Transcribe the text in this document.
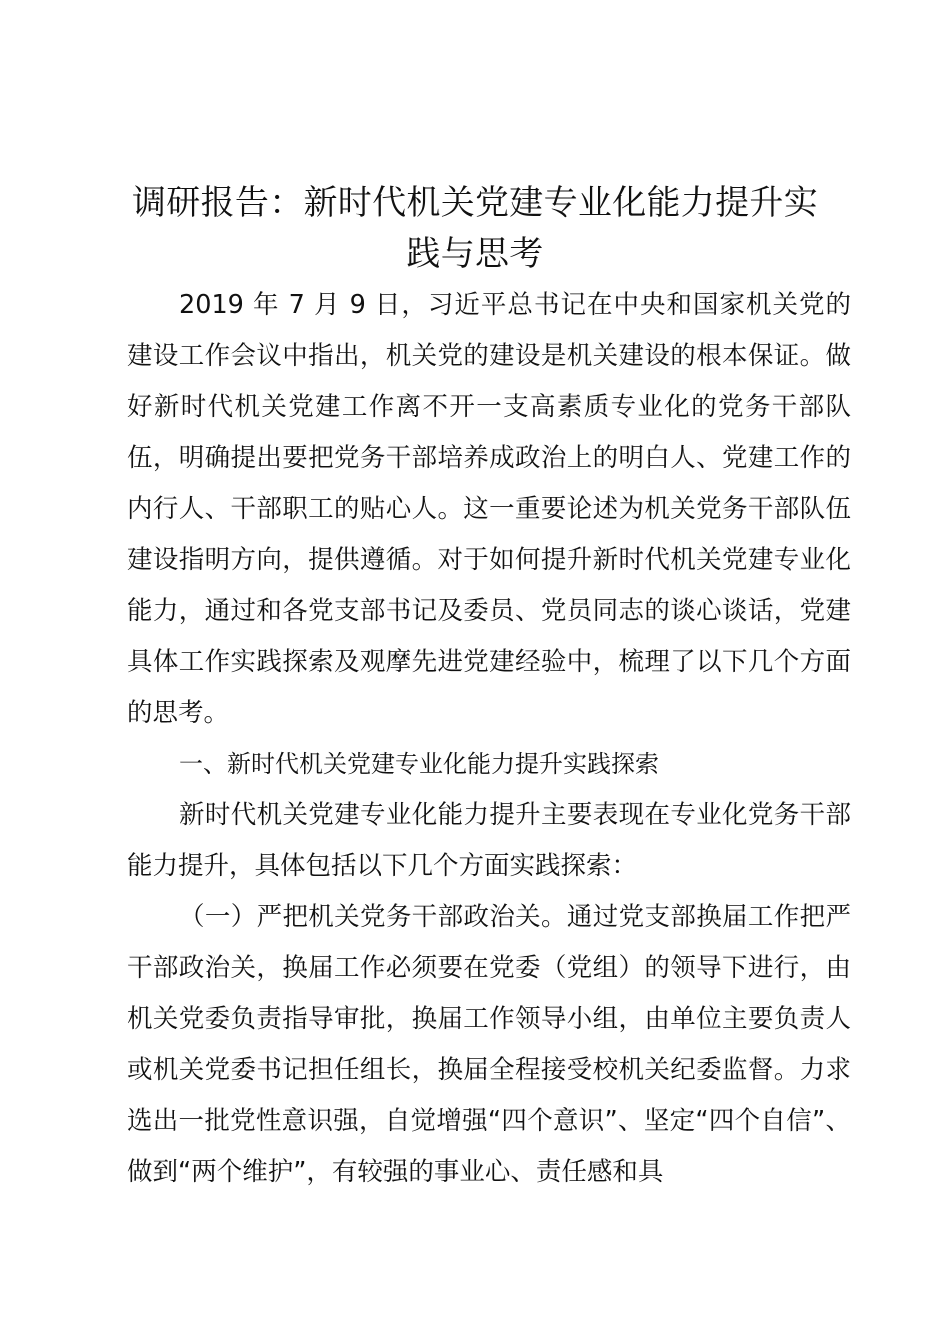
调研报告：新时代机关党建专业化能力提升实践与思考

2019 年 7 月 9 日，习近平总书记在中央和国家机关党的建设工作会议中指出，机关党的建设是机关建设的根本保证。做好新时代机关党建工作离不开一支高素质专业化的党务干部队伍，明确提出要把党务干部培养成政治上的明白人、党建工作的内行人、干部职工的贴心人。这一重要论述为机关党务干部队伍建设指明方向，提供遵循。对于如何提升新时代机关党建专业化能力，通过和各党支部书记及委员、党员同志的谈心谈话，党建具体工作实践探索及观摩先进党建经验中，梳理了以下几个方面的思考。

一、新时代机关党建专业化能力提升实践探索

新时代机关党建专业化能力提升主要表现在专业化党务干部能力提升，具体包括以下几个方面实践探索：

（一）严把机关党务干部政治关。通过党支部换届工作把严干部政治关，换届工作必须要在党委（党组）的领导下进行，由机关党委负责指导审批，换届工作领导小组，由单位主要负责人或机关党委书记担任组长，换届全程接受校机关纪委监督。力求选出一批党性意识强，自觉增强“四个意识”、坚定“四个自信”、做到“两个维护”，有较强的事业心、责任感和具
